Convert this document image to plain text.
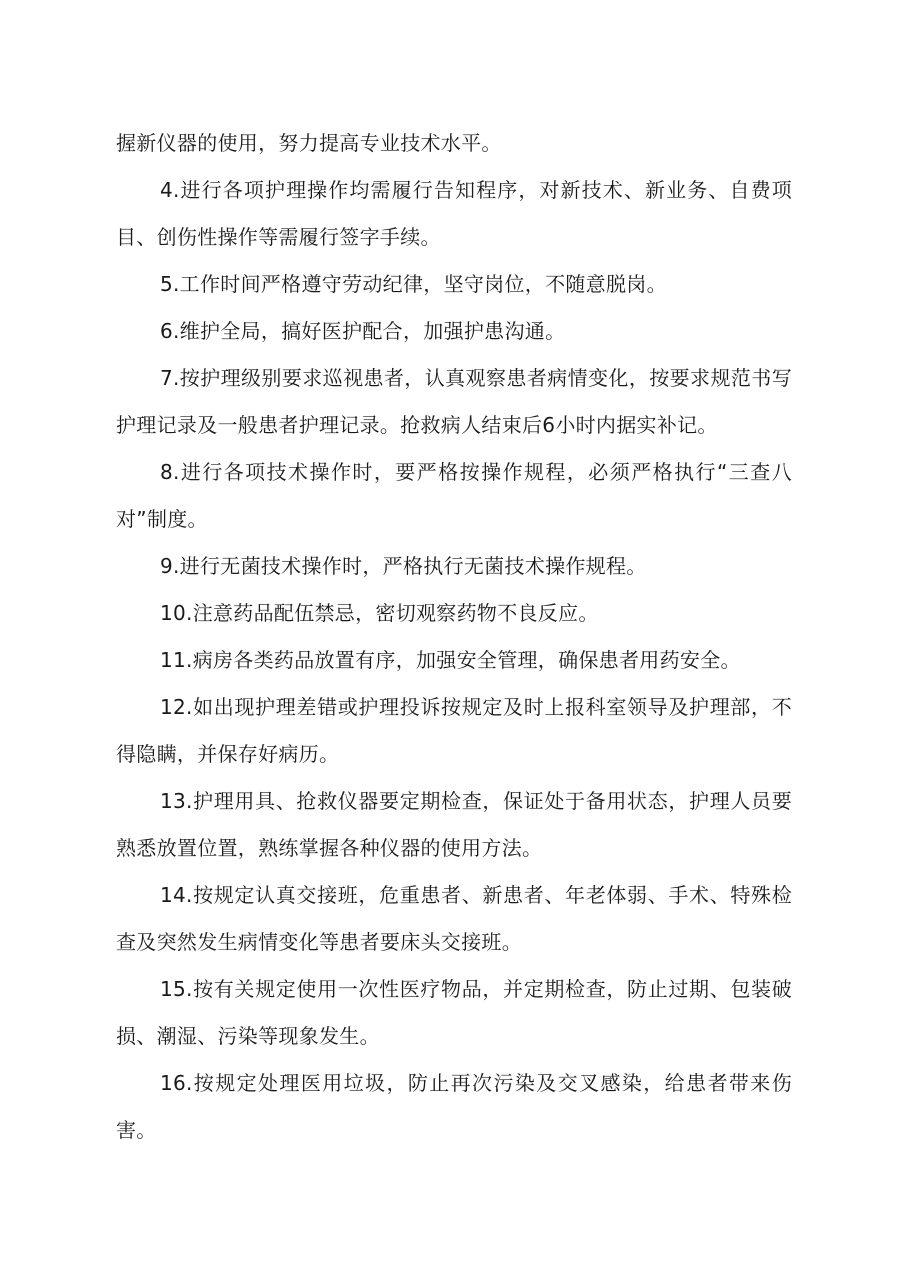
握新仪器的使用，努力提高专业技术水平。

4.进行各项护理操作均需履行告知程序，对新技术、新业务、自费项目、创伤性操作等需履行签字手续。

5.工作时间严格遵守劳动纪律，坚守岗位，不随意脱岗。

6.维护全局，搞好医护配合，加强护患沟通。

7.按护理级别要求巡视患者，认真观察患者病情变化，按要求规范书写护理记录及一般患者护理记录。抢救病人结束后6小时内据实补记。

8.进行各项技术操作时，要严格按操作规程，必须严格执行“三查八对”制度。

9.进行无菌技术操作时，严格执行无菌技术操作规程。

10.注意药品配伍禁忌，密切观察药物不良反应。

11.病房各类药品放置有序，加强安全管理，确保患者用药安全。

12.如出现护理差错或护理投诉按规定及时上报科室领导及护理部，不得隐瞒，并保存好病历。

13.护理用具、抢救仪器要定期检查，保证处于备用状态，护理人员要熟悉放置位置，熟练掌握各种仪器的使用方法。

14.按规定认真交接班，危重患者、新患者、年老体弱、手术、特殊检查及突然发生病情变化等患者要床头交接班。

15.按有关规定使用一次性医疗物品，并定期检查，防止过期、包装破损、潮湿、污染等现象发生。

16.按规定处理医用垃圾，防止再次污染及交叉感染，给患者带来伤害。
